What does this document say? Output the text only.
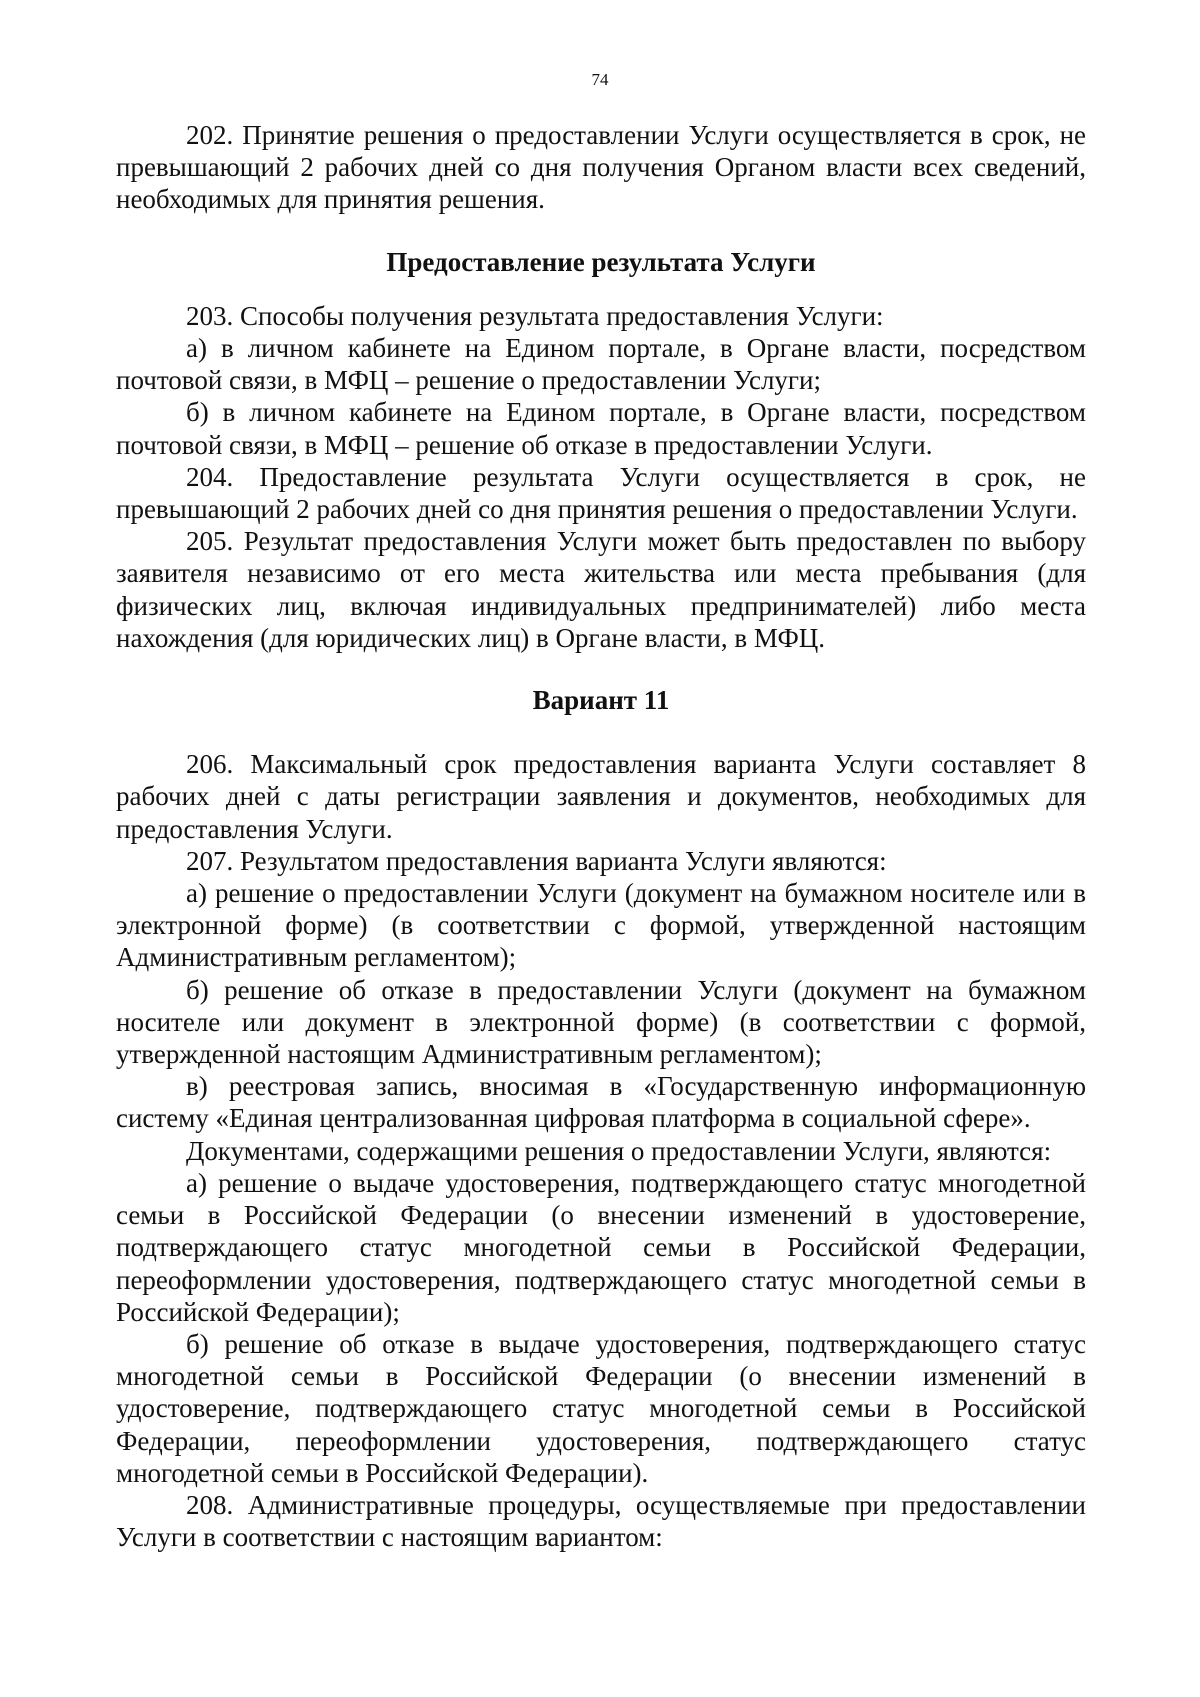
74

202. Принятие решения о предоставлении Услуги осуществляется в срок, не превышающий 2 рабочих дней со дня получения Органом власти всех сведений, необходимых для принятия решения.

Предоставление результата Услуги

203. Способы получения результата предоставления Услуги:

а) в личном кабинете на Едином портале, в Органе власти, посредством почтовой связи, в МФЦ – решение о предоставлении Услуги;

б) в личном кабинете на Едином портале, в Органе власти, посредством почтовой связи, в МФЦ – решение об отказе в предоставлении Услуги.

204. Предоставление результата Услуги осуществляется в срок, не превышающий 2 рабочих дней со дня принятия решения о предоставлении Услуги.

205. Результат предоставления Услуги может быть предоставлен по выбору заявителя независимо от его места жительства или места пребывания (для физических лиц, включая индивидуальных предпринимателей) либо места нахождения (для юридических лиц) в Органе власти, в МФЦ.

Вариант 11

206. Максимальный срок предоставления варианта Услуги составляет 8 рабочих дней с даты регистрации заявления и документов, необходимых для предоставления Услуги.

207. Результатом предоставления варианта Услуги являются:

а) решение о предоставлении Услуги (документ на бумажном носителе или в электронной форме) (в соответствии с формой, утвержденной настоящим Административным регламентом);

б) решение об отказе в предоставлении Услуги (документ на бумажном носителе или документ в электронной форме) (в соответствии с формой, утвержденной настоящим Административным регламентом);

в) реестровая запись, вносимая в «Государственную информационную систему «Единая централизованная цифровая платформа в социальной сфере».

Документами, содержащими решения о предоставлении Услуги, являются:

а) решение о выдаче удостоверения, подтверждающего статус многодетной семьи в Российской Федерации (о внесении изменений в удостоверение, подтверждающего статус многодетной семьи в Российской Федерации, переоформлении удостоверения, подтверждающего статус многодетной семьи в Российской Федерации);

б) решение об отказе в выдаче удостоверения, подтверждающего статус многодетной семьи в Российской Федерации (о внесении изменений в удостоверение, подтверждающего статус многодетной семьи в Российской Федерации, переоформлении удостоверения, подтверждающего статус многодетной семьи в Российской Федерации).

208. Административные процедуры, осуществляемые при предоставлении Услуги в соответствии с настоящим вариантом:
